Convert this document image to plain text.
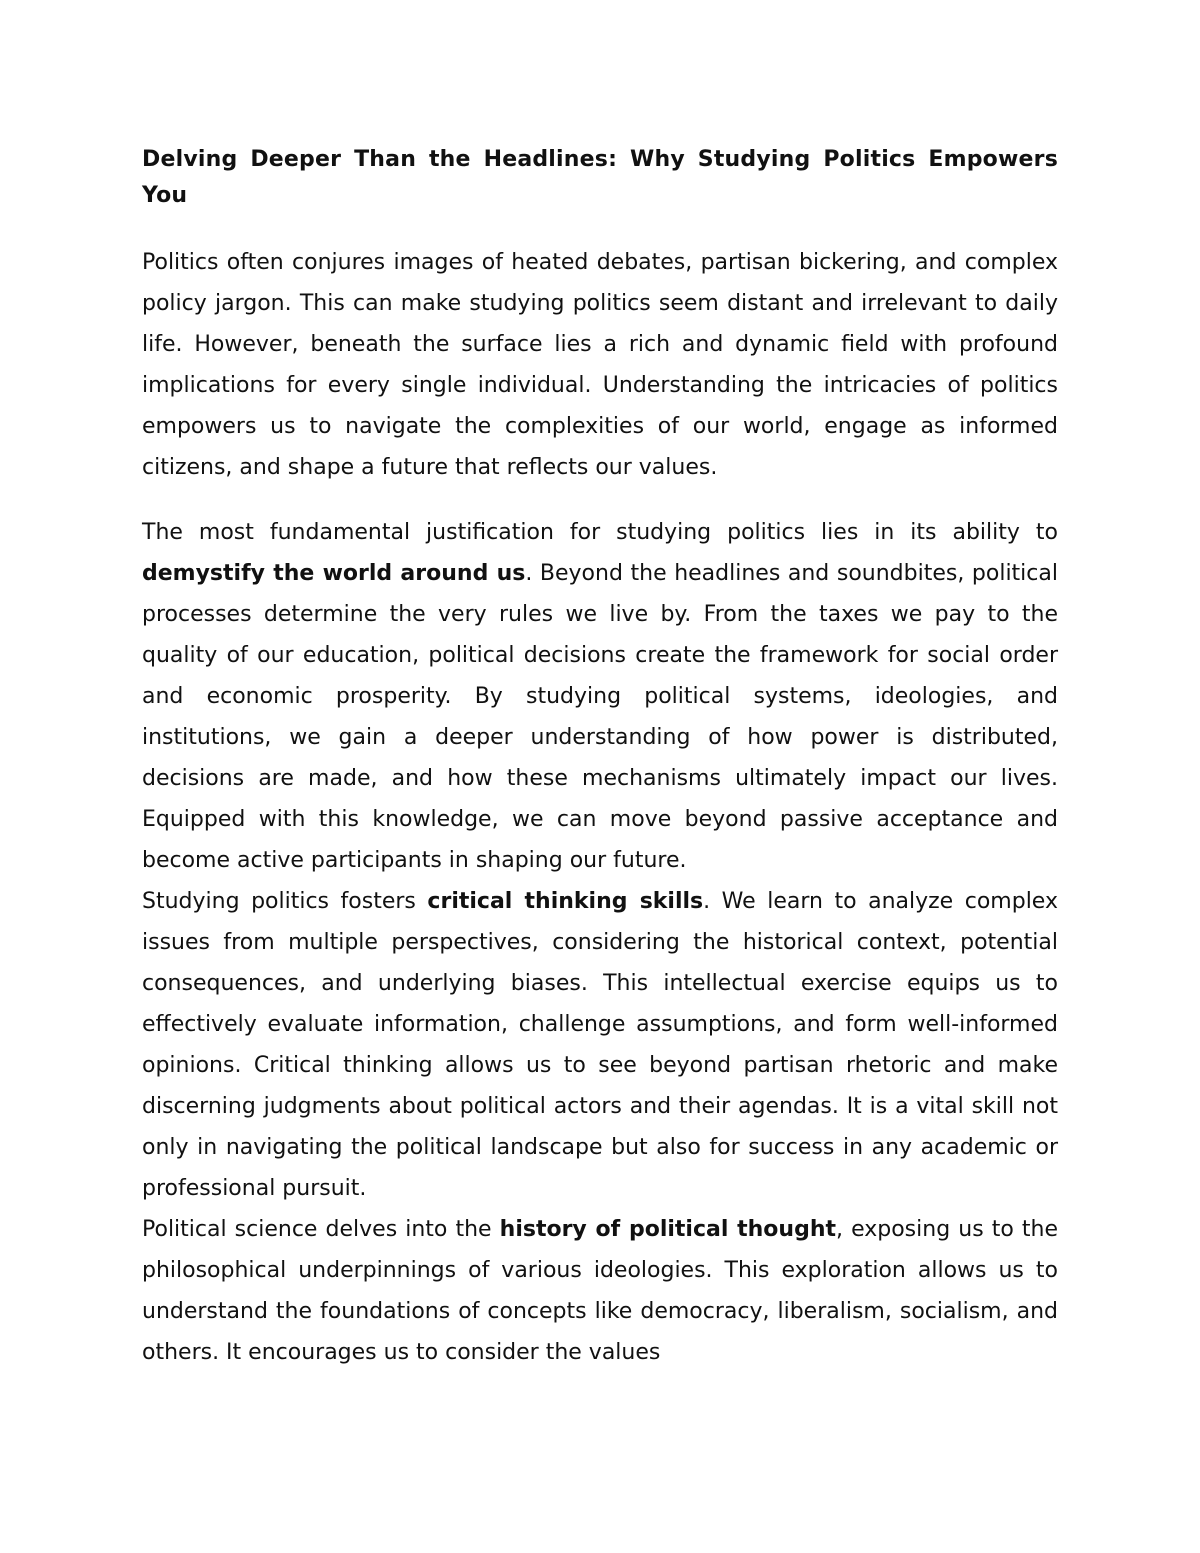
Delving Deeper Than the Headlines: Why Studying Politics Empowers You

Politics often conjures images of heated debates, partisan bickering, and complex policy jargon. This can make studying politics seem distant and irrelevant to daily life. However, beneath the surface lies a rich and dynamic field with profound implications for every single individual. Understanding the intricacies of politics empowers us to navigate the complexities of our world, engage as informed citizens, and shape a future that reflects our values.

The most fundamental justification for studying politics lies in its ability to demystify the world around us. Beyond the headlines and soundbites, political processes determine the very rules we live by. From the taxes we pay to the quality of our education, political decisions create the framework for social order and economic prosperity. By studying political systems, ideologies, and institutions, we gain a deeper understanding of how power is distributed, decisions are made, and how these mechanisms ultimately impact our lives. Equipped with this knowledge, we can move beyond passive acceptance and become active participants in shaping our future.

Studying politics fosters critical thinking skills. We learn to analyze complex issues from multiple perspectives, considering the historical context, potential consequences, and underlying biases. This intellectual exercise equips us to effectively evaluate information, challenge assumptions, and form well-informed opinions. Critical thinking allows us to see beyond partisan rhetoric and make discerning judgments about political actors and their agendas. It is a vital skill not only in navigating the political landscape but also for success in any academic or professional pursuit.

Political science delves into the history of political thought, exposing us to the philosophical underpinnings of various ideologies. This exploration allows us to understand the foundations of concepts like democracy, liberalism, socialism, and others. It encourages us to consider the values
